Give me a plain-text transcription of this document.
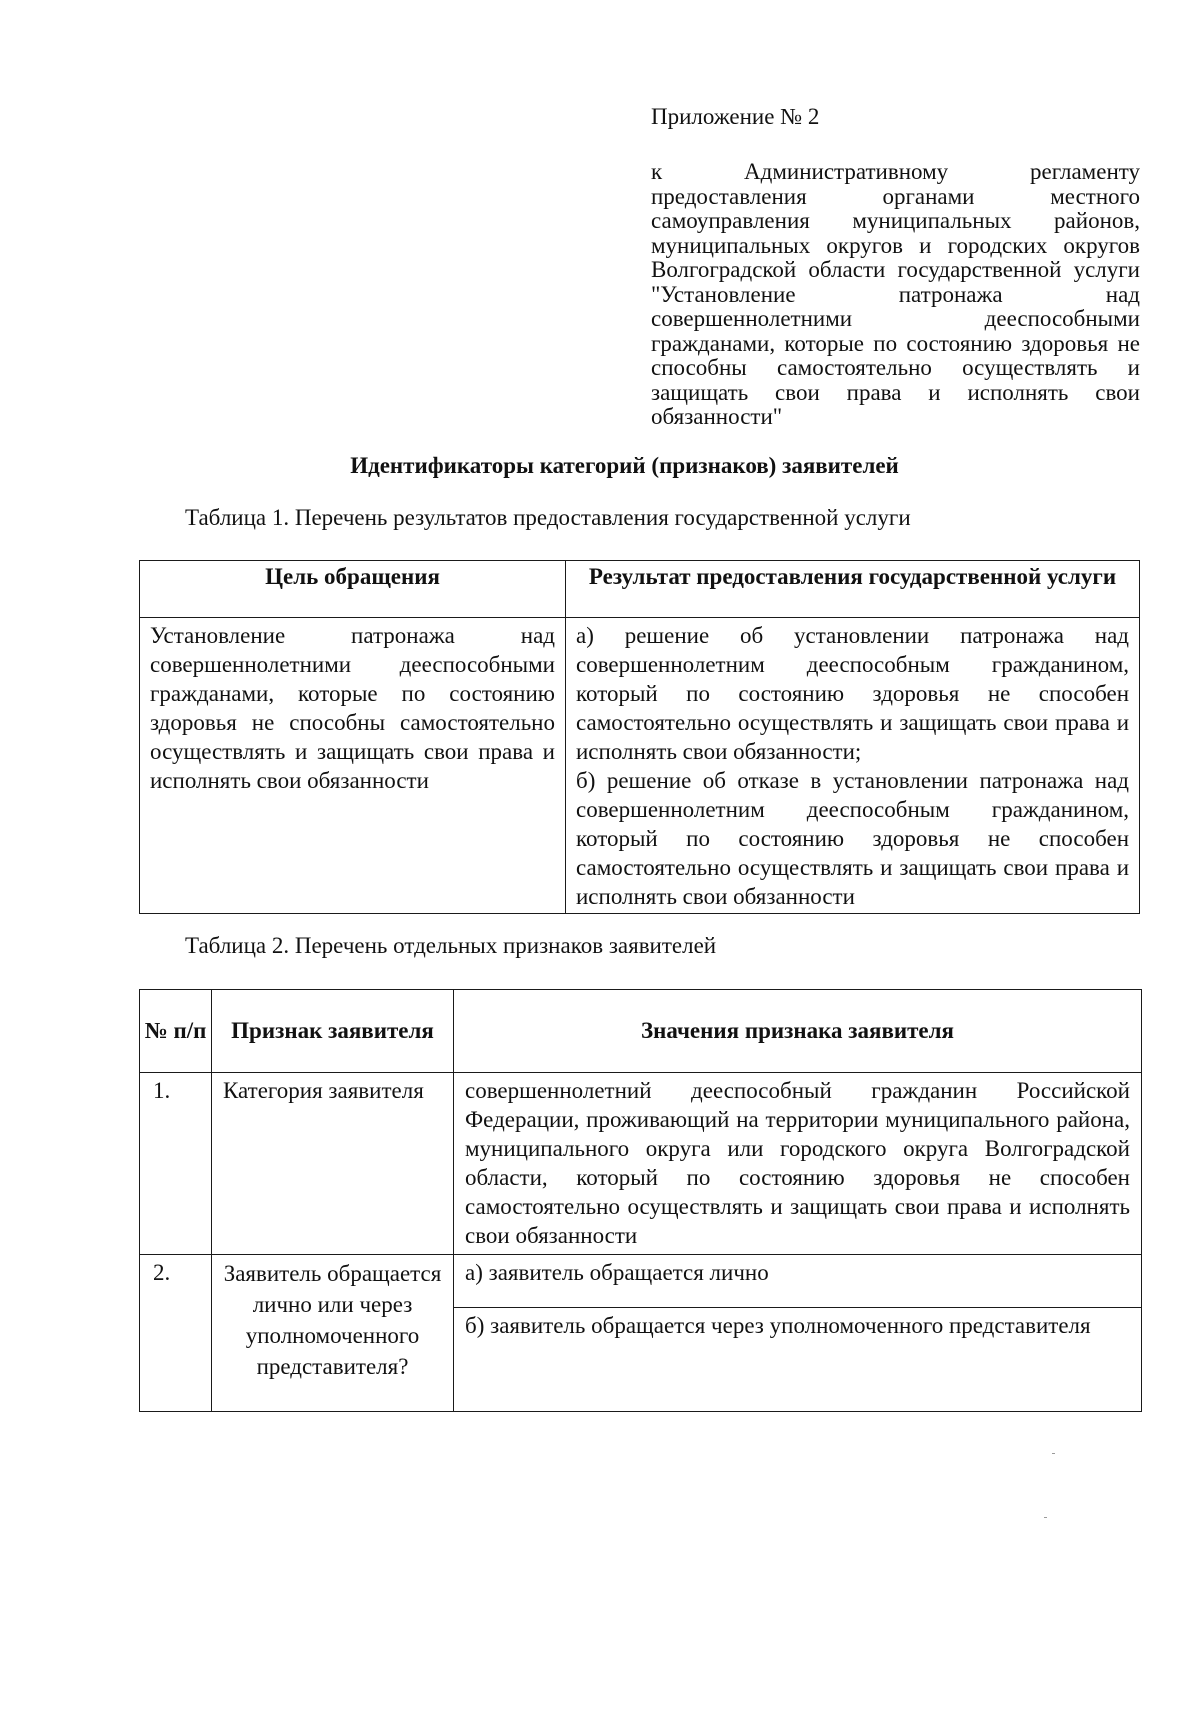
Приложение № 2

к Административному регламенту предоставления органами местного самоуправления муниципальных районов, муниципальных округов и городских округов Волгоградской области государственной услуги "Установление патронажа над совершеннолетними дееспособными гражданами, которые по состоянию здоровья не способны самостоятельно осуществлять и защищать свои права и исполнять свои обязанности"

Идентификаторы категорий (признаков) заявителей

Таблица 1. Перечень результатов предоставления государственной услуги

Цель обращения	Результат предоставления государственной услуги
Установление патронажа над совершеннолетними дееспособными гражданами, которые по состоянию здоровья не способны самостоятельно осуществлять и защищать свои права и исполнять свои обязанности	а) решение об установлении патронажа над совершеннолетним дееспособным гражданином, который по состоянию здоровья не способен самостоятельно осуществлять и защищать свои права и исполнять свои обязанности;
б) решение об отказе в установлении патронажа над совершеннолетним дееспособным гражданином, который по состоянию здоровья не способен самостоятельно осуществлять и защищать свои права и исполнять свои обязанности

Таблица 2. Перечень отдельных признаков заявителей

№ п/п	Признак заявителя	Значения признака заявителя
1.	Категория заявителя	совершеннолетний дееспособный гражданин Российской Федерации, проживающий на территории муниципального района, муниципального округа или городского округа Волгоградской области, который по состоянию здоровья не способен самостоятельно осуществлять и защищать свои права и исполнять свои обязанности
2.	Заявитель обращается лично или через уполномоченного представителя?	а) заявитель обращается лично
		б) заявитель обращается через уполномоченного представителя
